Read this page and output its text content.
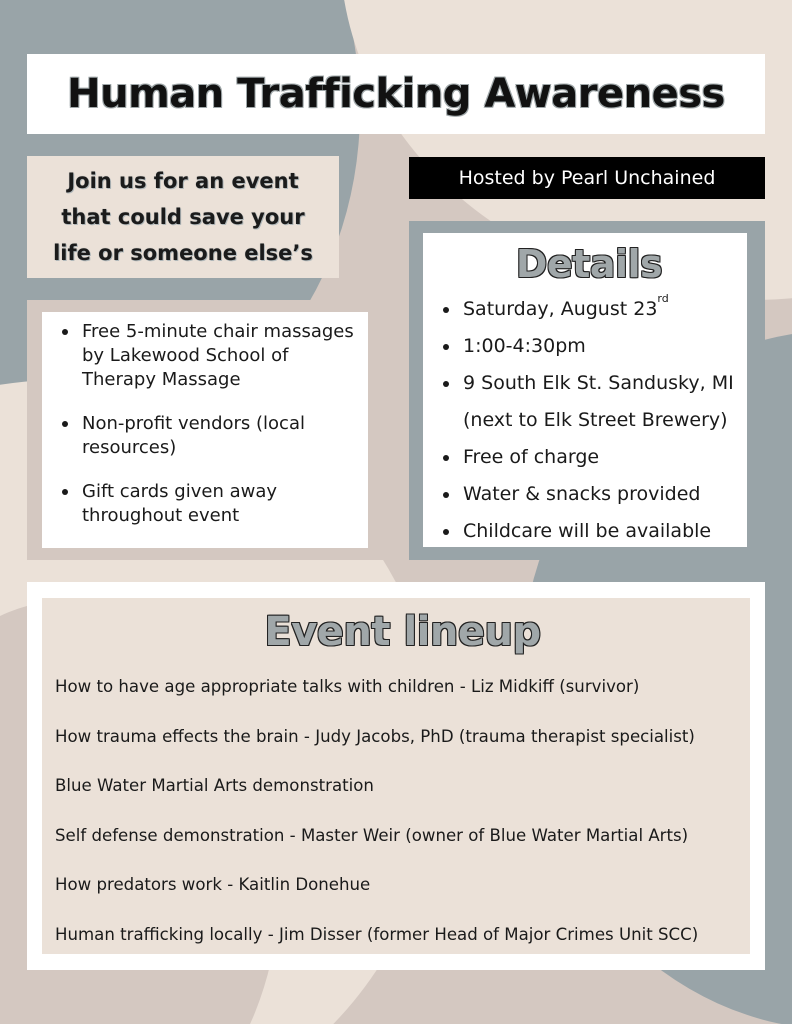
Human Trafficking Awareness

Join us for an event that could save your life or someone else’s

Hosted by Pearl Unchained
Free 5-minute chair massages by Lakewood School of Therapy Massage
Non-profit vendors (local resources)
Gift cards given away throughout event
Details
Saturday, August 23rd
1:00-4:30pm
9 South Elk St. Sandusky, MI
(next to Elk Street Brewery)
Free of charge
Water & snacks provided
Childcare will be available
Event lineup
How to have age appropriate talks with children - Liz Midkiff (survivor)
How trauma effects the brain - Judy Jacobs, PhD (trauma therapist specialist)
Blue Water Martial Arts demonstration
Self defense demonstration - Master Weir (owner of Blue Water Martial Arts)
How predators work - Kaitlin Donehue
Human trafficking locally - Jim Disser (former Head of Major Crimes Unit SCC)
